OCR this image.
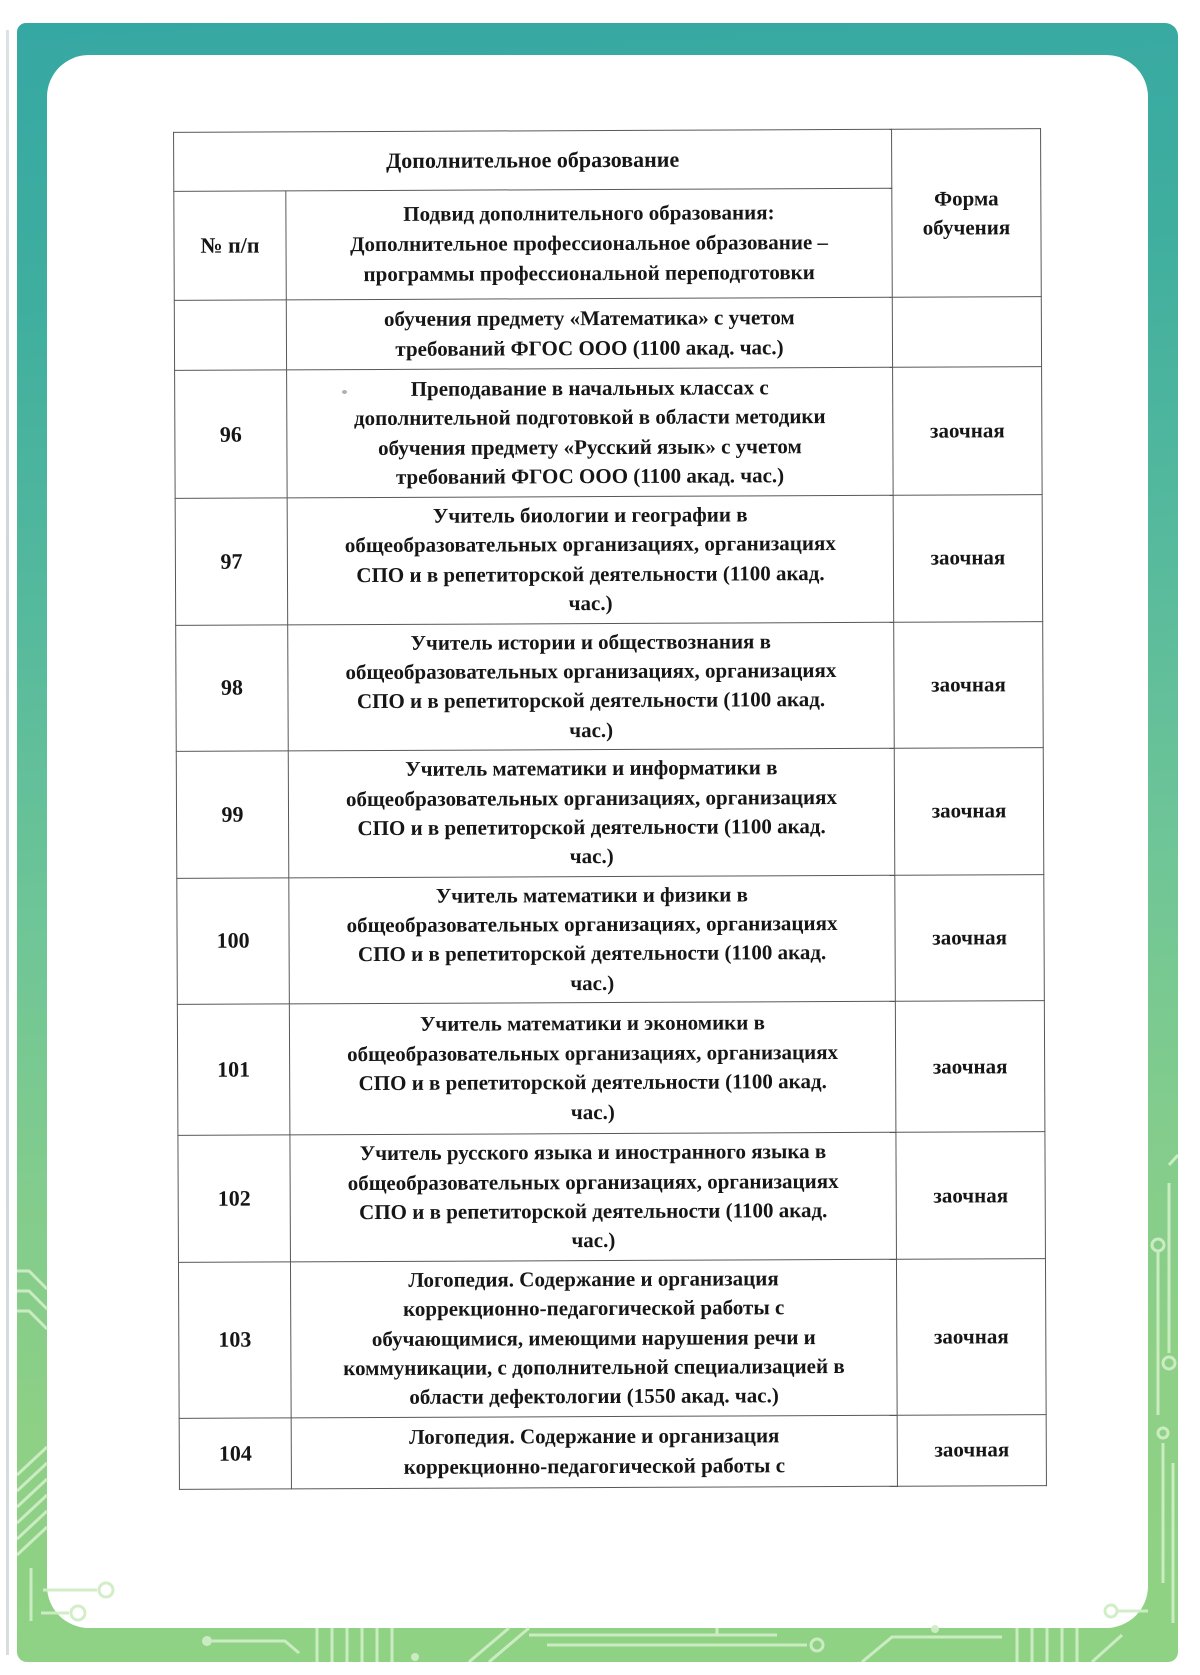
Дополнительное образование		Форма
обучения
№ п/п	Подвид дополнительного образования:
Дополнительное профессиональное образование –
программы профессиональной переподготовки	
	обучения предмету «Математика» с учетом
требований ФГОС ООО (1100 акад. час.)	
96	Преподавание в начальных классах с
дополнительной подготовкой в области методики
обучения предмету «Русский язык» с учетом
требований ФГОС ООО (1100 акад. час.)	заочная
97	Учитель биологии и географии в
общеобразовательных организациях, организациях
СПО и в репетиторской деятельности (1100 акад.
час.)	заочная
98	Учитель истории и обществознания в
общеобразовательных организациях, организациях
СПО и в репетиторской деятельности (1100 акад.
час.)	заочная
99	Учитель математики и информатики в
общеобразовательных организациях, организациях
СПО и в репетиторской деятельности (1100 акад.
час.)	заочная
100	Учитель математики и физики в
общеобразовательных организациях, организациях
СПО и в репетиторской деятельности (1100 акад.
час.)	заочная
101	Учитель математики и экономики в
общеобразовательных организациях, организациях
СПО и в репетиторской деятельности (1100 акад.
час.)	заочная
102	Учитель русского языка и иностранного языка в
общеобразовательных организациях, организациях
СПО и в репетиторской деятельности (1100 акад.
час.)	заочная
103	Логопедия. Содержание и организация
коррекционно-педагогической работы с
обучающимися, имеющими нарушения речи и
коммуникации, с дополнительной специализацией в
области дефектологии (1550 акад. час.)	заочная
104	Логопедия. Содержание и организация
коррекционно-педагогической работы с	заочная
